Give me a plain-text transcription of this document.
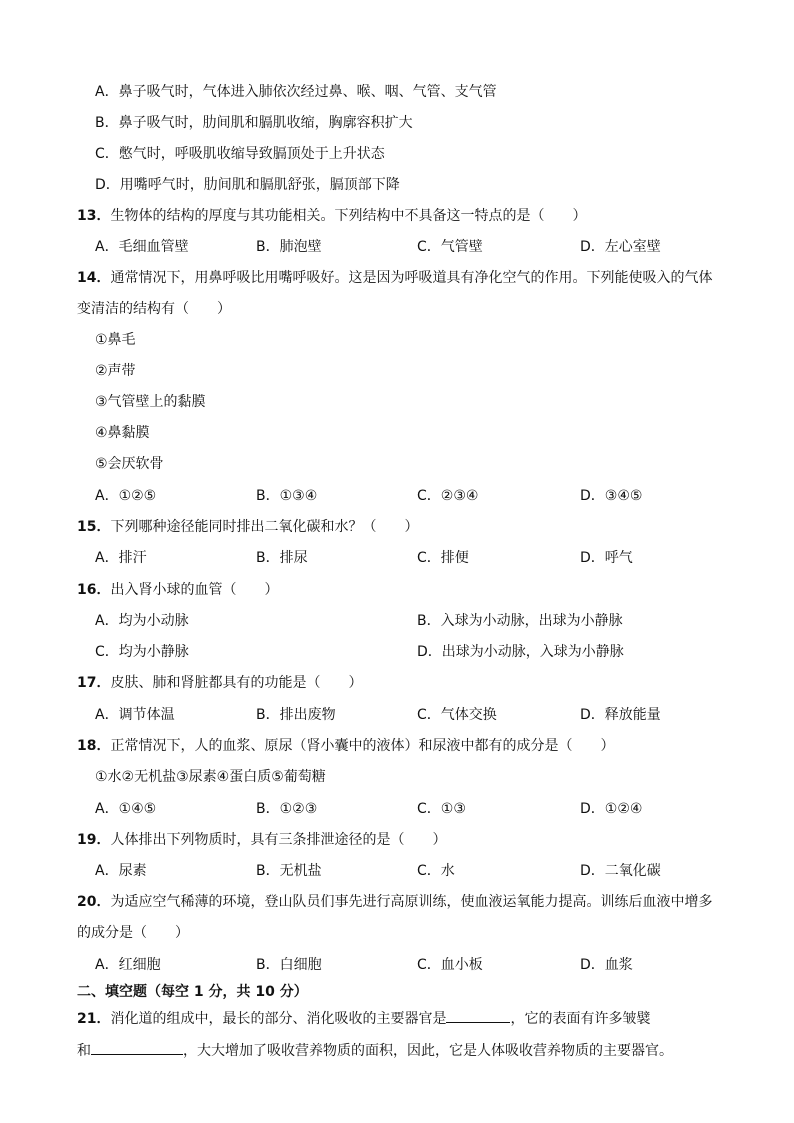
A．鼻子吸气时，气体进入肺依次经过鼻、喉、咽、气管、支气管
B．鼻子吸气时，肋间肌和膈肌收缩，胸廓容积扩大
C．憋气时，呼吸肌收缩导致膈顶处于上升状态
D．用嘴呼气时，肋间肌和膈肌舒张，膈顶部下降
13．生物体的结构的厚度与其功能相关。下列结构中不具备这一特点的是（　　）
A．毛细血管壁	B．肺泡壁	C．气管壁	D．左心室壁
14．通常情况下，用鼻呼吸比用嘴呼吸好。这是因为呼吸道具有净化空气的作用。下列能使吸入的气体
变清洁的结构有（　　）
①鼻毛
②声带
③气管壁上的黏膜
④鼻黏膜
⑤会厌软骨
A．①②⑤	B．①③④	C．②③④	D．③④⑤
15．下列哪种途径能同时排出二氧化碳和水？（　　）
A．排汗	B．排尿	C．排便	D．呼气
16．出入肾小球的血管（　　）
A．均为小动脉	B．入球为小动脉，出球为小静脉
C．均为小静脉	D．出球为小动脉，入球为小静脉
17．皮肤、肺和肾脏都具有的功能是（　　）
A．调节体温	B．排出废物	C．气体交换	D．释放能量
18．正常情况下，人的血浆、原尿（肾小囊中的液体）和尿液中都有的成分是（　　）
①水②无机盐③尿素④蛋白质⑤葡萄糖
A．①④⑤	B．①②③	C．①③	D．①②④
19．人体排出下列物质时，具有三条排泄途径的是（　　）
A．尿素	B．无机盐	C．水	D．二氧化碳
20．为适应空气稀薄的环境，登山队员们事先进行高原训练，使血液运氧能力提高。训练后血液中增多
的成分是（　　）
A．红细胞	B．白细胞	C．血小板	D．血浆
二、填空题（每空 1 分，共 10 分）
21．消化道的组成中，最长的部分、消化吸收的主要器官是	，它的表面有许多皱襞
和	，大大增加了吸收营养物质的面积，因此，它是人体吸收营养物质的主要器官。
